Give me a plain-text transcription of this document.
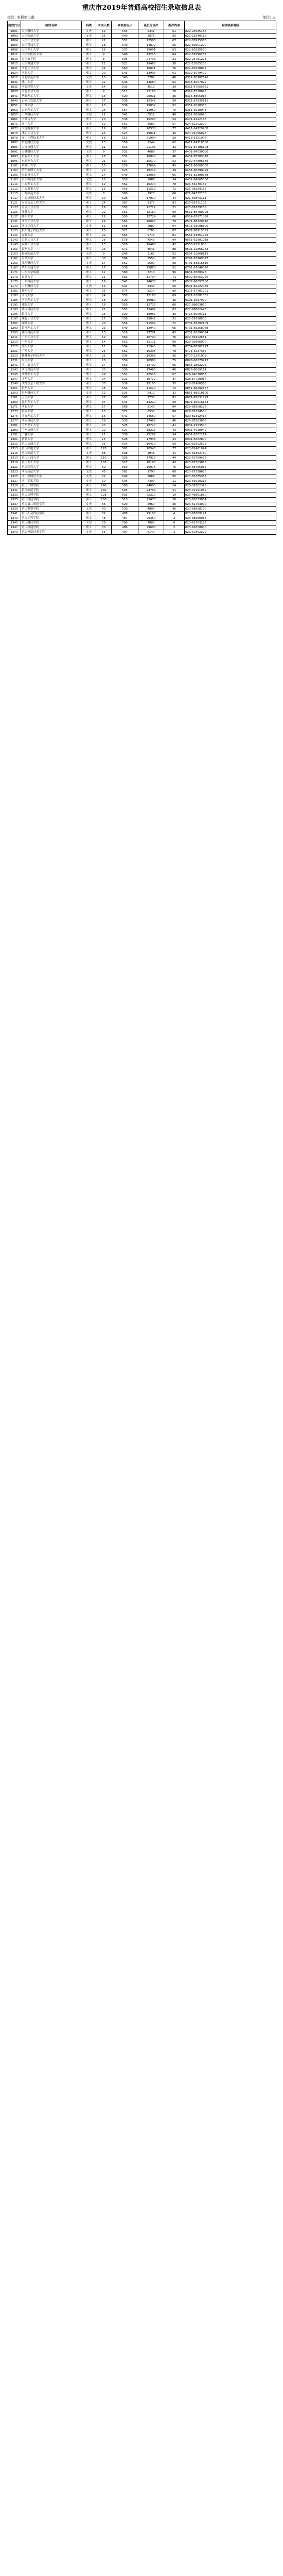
重庆市2019年普通高校招生录取信息表
批次: 本科第二批	单位: 人
院校代号	院校名称	科类	录取人数	录取最低分	最低分位次	批次线差	院校联系电话
1001	天津财经大学	文史	12	555	2341	61	022-23085165
1003	天津师范大学	文史	15	549	2876	55	022-23540118
1004	天津工业大学	理工	21	551	12503	67	022-83955366
1006	天津科技大学	理工	18	540	14872	56	022-60601200
1008	天津理工大学	理工	16	537	15601	53	022-60215530
1011	天津中医药大学	理工	9	548	13215	64	022-59596257
1013	天津农学院	理工	8	505	24736	21	022-23781223
1015	天津城建大学	理工	12	522	19460	38	022-23085280
1021	河北工业大学	理工	24	560	10811	76	022-60438097
1024	河北大学	理工	20	545	13906	61	0312-5079422
1027	河北师范大学	文史	10	540	3702	46	0311-80787676
1031	燕山大学	理工	22	546	13684	62	0335-8057027
1035	河北经贸大学	文史	14	533	4510	39	0311-87655631
1038	河北农业大学	理工	9	512	22180	28	0312-7528096
1041	华北理工大学	理工	15	520	20011	36	0315-8805018
1045	石家庄铁道大学	理工	17	538	15346	54	0311-87935111
1051	山西大学	理工	13	536	15832	52	0351-7010338
1053	太原理工大学	理工	26	554	11950	70	0351-6010048
1055	山西财经大学	文史	11	542	3511	48	0351-7666090
1061	内蒙古大学	理工	10	538	15290	54	0471-4992163
1071	辽宁大学	文史	12	551	2680	57	024-62202200
1073	大连海事大学	理工	19	561	10530	77	0411-84729988
1075	沈阳工业大学	理工	14	524	19011	40	024-25496026
1078	辽宁工程技术大学	理工	16	513	21904	29	0418-3351006
1082	东北财经大学	文史	13	556	2244	62	0411-84710300
1085	大连交通大学	理工	11	516	21106	32	0411-84106108
1091	吉林财经大学	文史	9	531	4688	37	0431-84539000
1093	长春理工大学	理工	18	532	16840	48	0431-85583076
1095	东北电力大学	理工	21	537	15577	53	0432-64806366
1101	黑龙江大学	理工	15	529	17694	45	0451-86609300
1103	哈尔滨理工大学	理工	20	523	19247	39	0451-86390099
1105	东北林业大学	理工	14	549	12966	65	0451-82190388
1107	哈尔滨商业大学	文史	10	528	5066	34	0451-84865500
1111	上海理工大学	理工	12	562	10274	78	021-55270137
1113	上海海事大学	理工	13	556	11530	72	021-38284188
1115	上海师范大学	文史	8	560	1920	66	021-64322130
1117	上海应用技术大学	理工	10	528	17910	44	021-60873111
1121	南京信息工程大学	理工	24	567	9370	83	025-58731109
1123	南京工业大学	理工	16	555	11712	71	025-58139288
1125	江苏大学	理工	22	553	12160	69	0511-88780098
1127	扬州大学	理工	18	550	12724	66	0514-87971858
1131	浙江工业大学	理工	14	563	10090	79	0571-88320310
1133	浙江工商大学	文史	11	558	2087	64	0571-28008800
1135	杭州电子科技大学	理工	15	571	8700	87	0571-86915055
1141	安徽大学	理工	20	565	9715	81	0551-63861276
1143	合肥工业大学	理工	28	578	7540	94	0551-62901018
1145	安徽工业大学	理工	13	526	18468	42	0555-2311000
1151	福州大学	理工	23	572	8541	88	0591-22866262
1153	福建师范大学	文史	9	546	3162	52	0591-22868115
1161	南昌大学	理工	30	566	9550	82	0791-83969077
1163	江西财经大学	文史	14	552	2590	58	0791-83816810
1165	华东交通大学	理工	17	536	15880	52	0791-87046028
1171	山东大学威海	理工	12	580	7210	96	0631-5688325
1173	青岛大学	理工	21	555	11704	71	0532-85953270
1175	山东科技大学	理工	19	541	14638	57	0532-86057700
1177	山东财经大学	文史	13	544	3339	50	0531-82222039
1181	郑州大学	理工	35	574	8214	90	0371-67781201
1183	河南大学	理工	24	553	12180	69	0371-23881801
1185	河南理工大学	理工	18	520	19980	36	0391-3987000
1191	湖北大学	理工	16	550	12730	66	027-88663870
1193	武汉科技大学	理工	22	551	12492	67	027-68862495
1195	长江大学	理工	25	520	19963	36	0716-8060111
1197	湖北工业大学	理工	17	536	15842	52	027-59750500
1201	湘潭大学	理工	20	556	11502	72	0731-58292109
1203	长沙理工大学	理工	23	549	12940	65	0731-85258088
1205	湖南科技大学	理工	15	529	17701	45	0731-58290024
1211	广东工业大学	理工	19	560	10790	76	020-39322681
1213	广州大学	理工	14	553	12171	69	020-39366000
1215	汕头大学	理工	12	554	11945	70	0754-86502777
1221	广西大学	理工	26	562	10305	78	0771-3237387
1223	桂林电子科技大学	理工	21	534	16396	50	0773-2291008
1231	海南大学	理工	18	559	10980	75	0898-66279212
1241	四川农业大学	理工	27	550	12702	66	0835-2882208
1243	西南科技大学	理工	33	530	17480	46	0816-6089114
1245	成都理工大学	理工	29	551	12515	67	028-84078953
1247	西华大学	理工	24	521	19712	37	028-87720014
1249	成都信息工程大学	理工	30	539	15105	55	028-85966566
1251	贵州大学	理工	28	556	11520	72	0851-88292157
1253	贵州财经大学	文史	12	525	5412	31	0851-88510100
1261	云南大学	理工	22	565	9730	81	0871-65031229
1263	昆明理工大学	理工	34	543	14220	59	0871-65916163
1271	西北大学	理工	17	568	9140	84	029-88308222
1273	长安大学	理工	13	572	8530	88	029-82334500
1275	西安理工大学	理工	16	541	14650	57	029-82312415
1277	西安科技大学	理工	19	530	17492	46	029-85583066
1281	兰州理工大学	理工	20	525	18720	41	0931-2973500
1283	兰州交通大学	理工	22	527	18215	43	0931-4938049
1291	宁夏大学	理工	11	538	15297	54	0951-2062114
1301	新疆大学	理工	15	528	17936	44	0991-8582800
1311	重庆交通大学	理工	96	534	16410	50	023-62652528
1313	重庆邮电大学	理工	120	561	10545	77	023-62461044
1315	重庆师范大学	文史	88	538	3948	44	023-65362780
1317	重庆工商大学	理工	110	528	17925	44	023-62769426
1319	重庆理工大学	理工	135	527	18190	43	023-62563066
1321	重庆医科大学	理工	60	559	10975	75	023-68485015
1323	西南政法大学	文史	45	562	1790	68	023-67258686
1325	四川外国语大学	文史	72	549	2868	55	023-65385385
1327	四川美术学院	文史	10	505	7300	11	023-65920215
1329	重庆三峡学院	理工	140	508	24000	24	023-58102345
1331	长江师范学院	理工	130	505	24700	21	023-72791032
1333	重庆文理学院	理工	128	503	25210	19	023-49891880
1335	重庆科技学院	理工	150	510	23470	26	023-65023054
1337	重庆第二师范学院	文史	66	520	5960	26	023-61763000
1339	重庆警察学院	文史	40	530	4800	36	023-68828190
1341	重庆人文科技学院	理工	52	488	29100	4	023-68209191
1343	重庆工程学院	理工	48	487	29350	3	023-68680088
1345	重庆财经学院	文史	36	500	7800	6	023-62563222
1347	重庆移通学院	理工	70	486	29600	2	023-42800000
1349	重庆外语外事学院	文史	55	497	8140	3	023-67862222
